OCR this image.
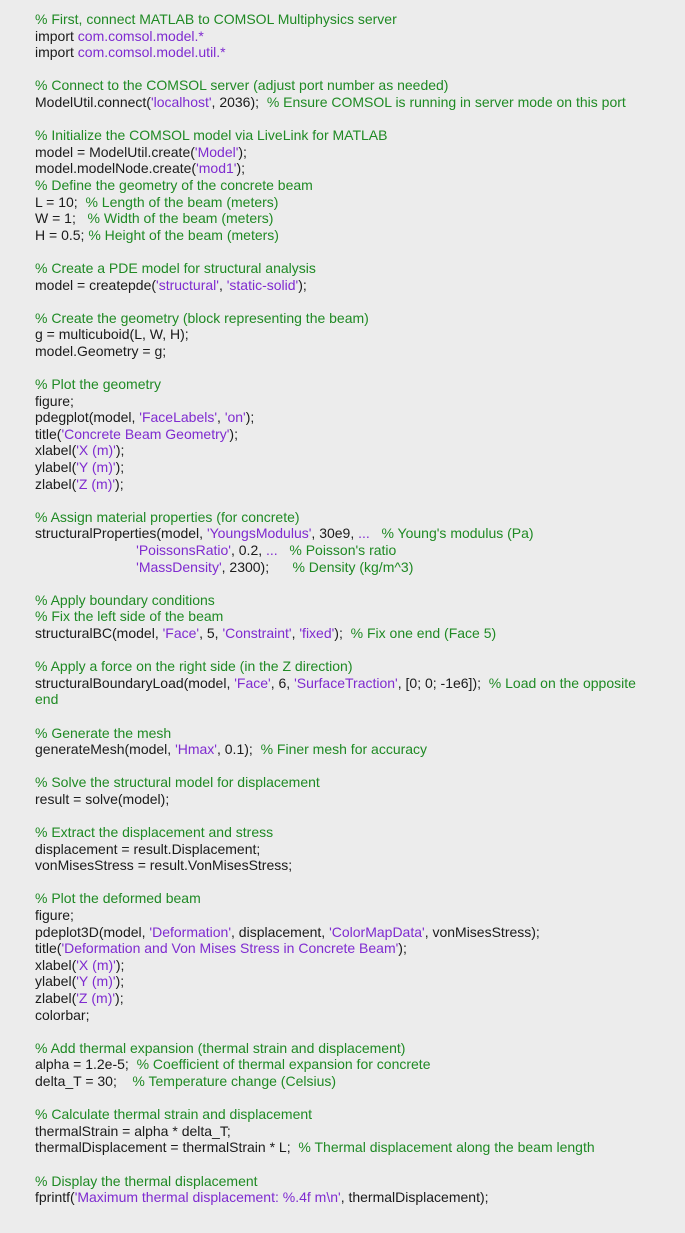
% First, connect MATLAB to COMSOL Multiphysics server
import com.comsol.model.*
import com.comsol.model.util.*
% Connect to the COMSOL server (adjust port number as needed)
ModelUtil.connect('localhost', 2036);  % Ensure COMSOL is running in server mode on this port
% Initialize the COMSOL model via LiveLink for MATLAB
model = ModelUtil.create('Model');
model.modelNode.create('mod1');
% Define the geometry of the concrete beam
L = 10;  % Length of the beam (meters)
W = 1;   % Width of the beam (meters)
H = 0.5; % Height of the beam (meters)
% Create a PDE model for structural analysis
model = createpde('structural', 'static-solid');
% Create the geometry (block representing the beam)
g = multicuboid(L, W, H);
model.Geometry = g;
% Plot the geometry
figure;
pdegplot(model, 'FaceLabels', 'on');
title('Concrete Beam Geometry');
xlabel('X (m)');
ylabel('Y (m)');
zlabel('Z (m)');
% Assign material properties (for concrete)
structuralProperties(model, 'YoungsModulus', 30e9, ... % Young's modulus (Pa)
'PoissonsRatio', 0.2, ... % Poisson's ratio
'MassDensity', 2300);      % Density (kg/m^3)
% Apply boundary conditions
% Fix the left side of the beam
structuralBC(model, 'Face', 5, 'Constraint', 'fixed');  % Fix one end (Face 5)
% Apply a force on the right side (in the Z direction)
structuralBoundaryLoad(model, 'Face', 6, 'SurfaceTraction', [0; 0; -1e6]);  % Load on the opposite
end
% Generate the mesh
generateMesh(model, 'Hmax', 0.1);  % Finer mesh for accuracy
% Solve the structural model for displacement
result = solve(model);
% Extract the displacement and stress
displacement = result.Displacement;
vonMisesStress = result.VonMisesStress;
% Plot the deformed beam
figure;
pdeplot3D(model, 'Deformation', displacement, 'ColorMapData', vonMisesStress);
title('Deformation and Von Mises Stress in Concrete Beam');
xlabel('X (m)');
ylabel('Y (m)');
zlabel('Z (m)');
colorbar;
% Add thermal expansion (thermal strain and displacement)
alpha = 1.2e-5;  % Coefficient of thermal expansion for concrete
delta_T = 30;    % Temperature change (Celsius)
% Calculate thermal strain and displacement
thermalStrain = alpha * delta_T;
thermalDisplacement = thermalStrain * L;  % Thermal displacement along the beam length
% Display the thermal displacement
fprintf('Maximum thermal displacement: %.4f m\n', thermalDisplacement);
